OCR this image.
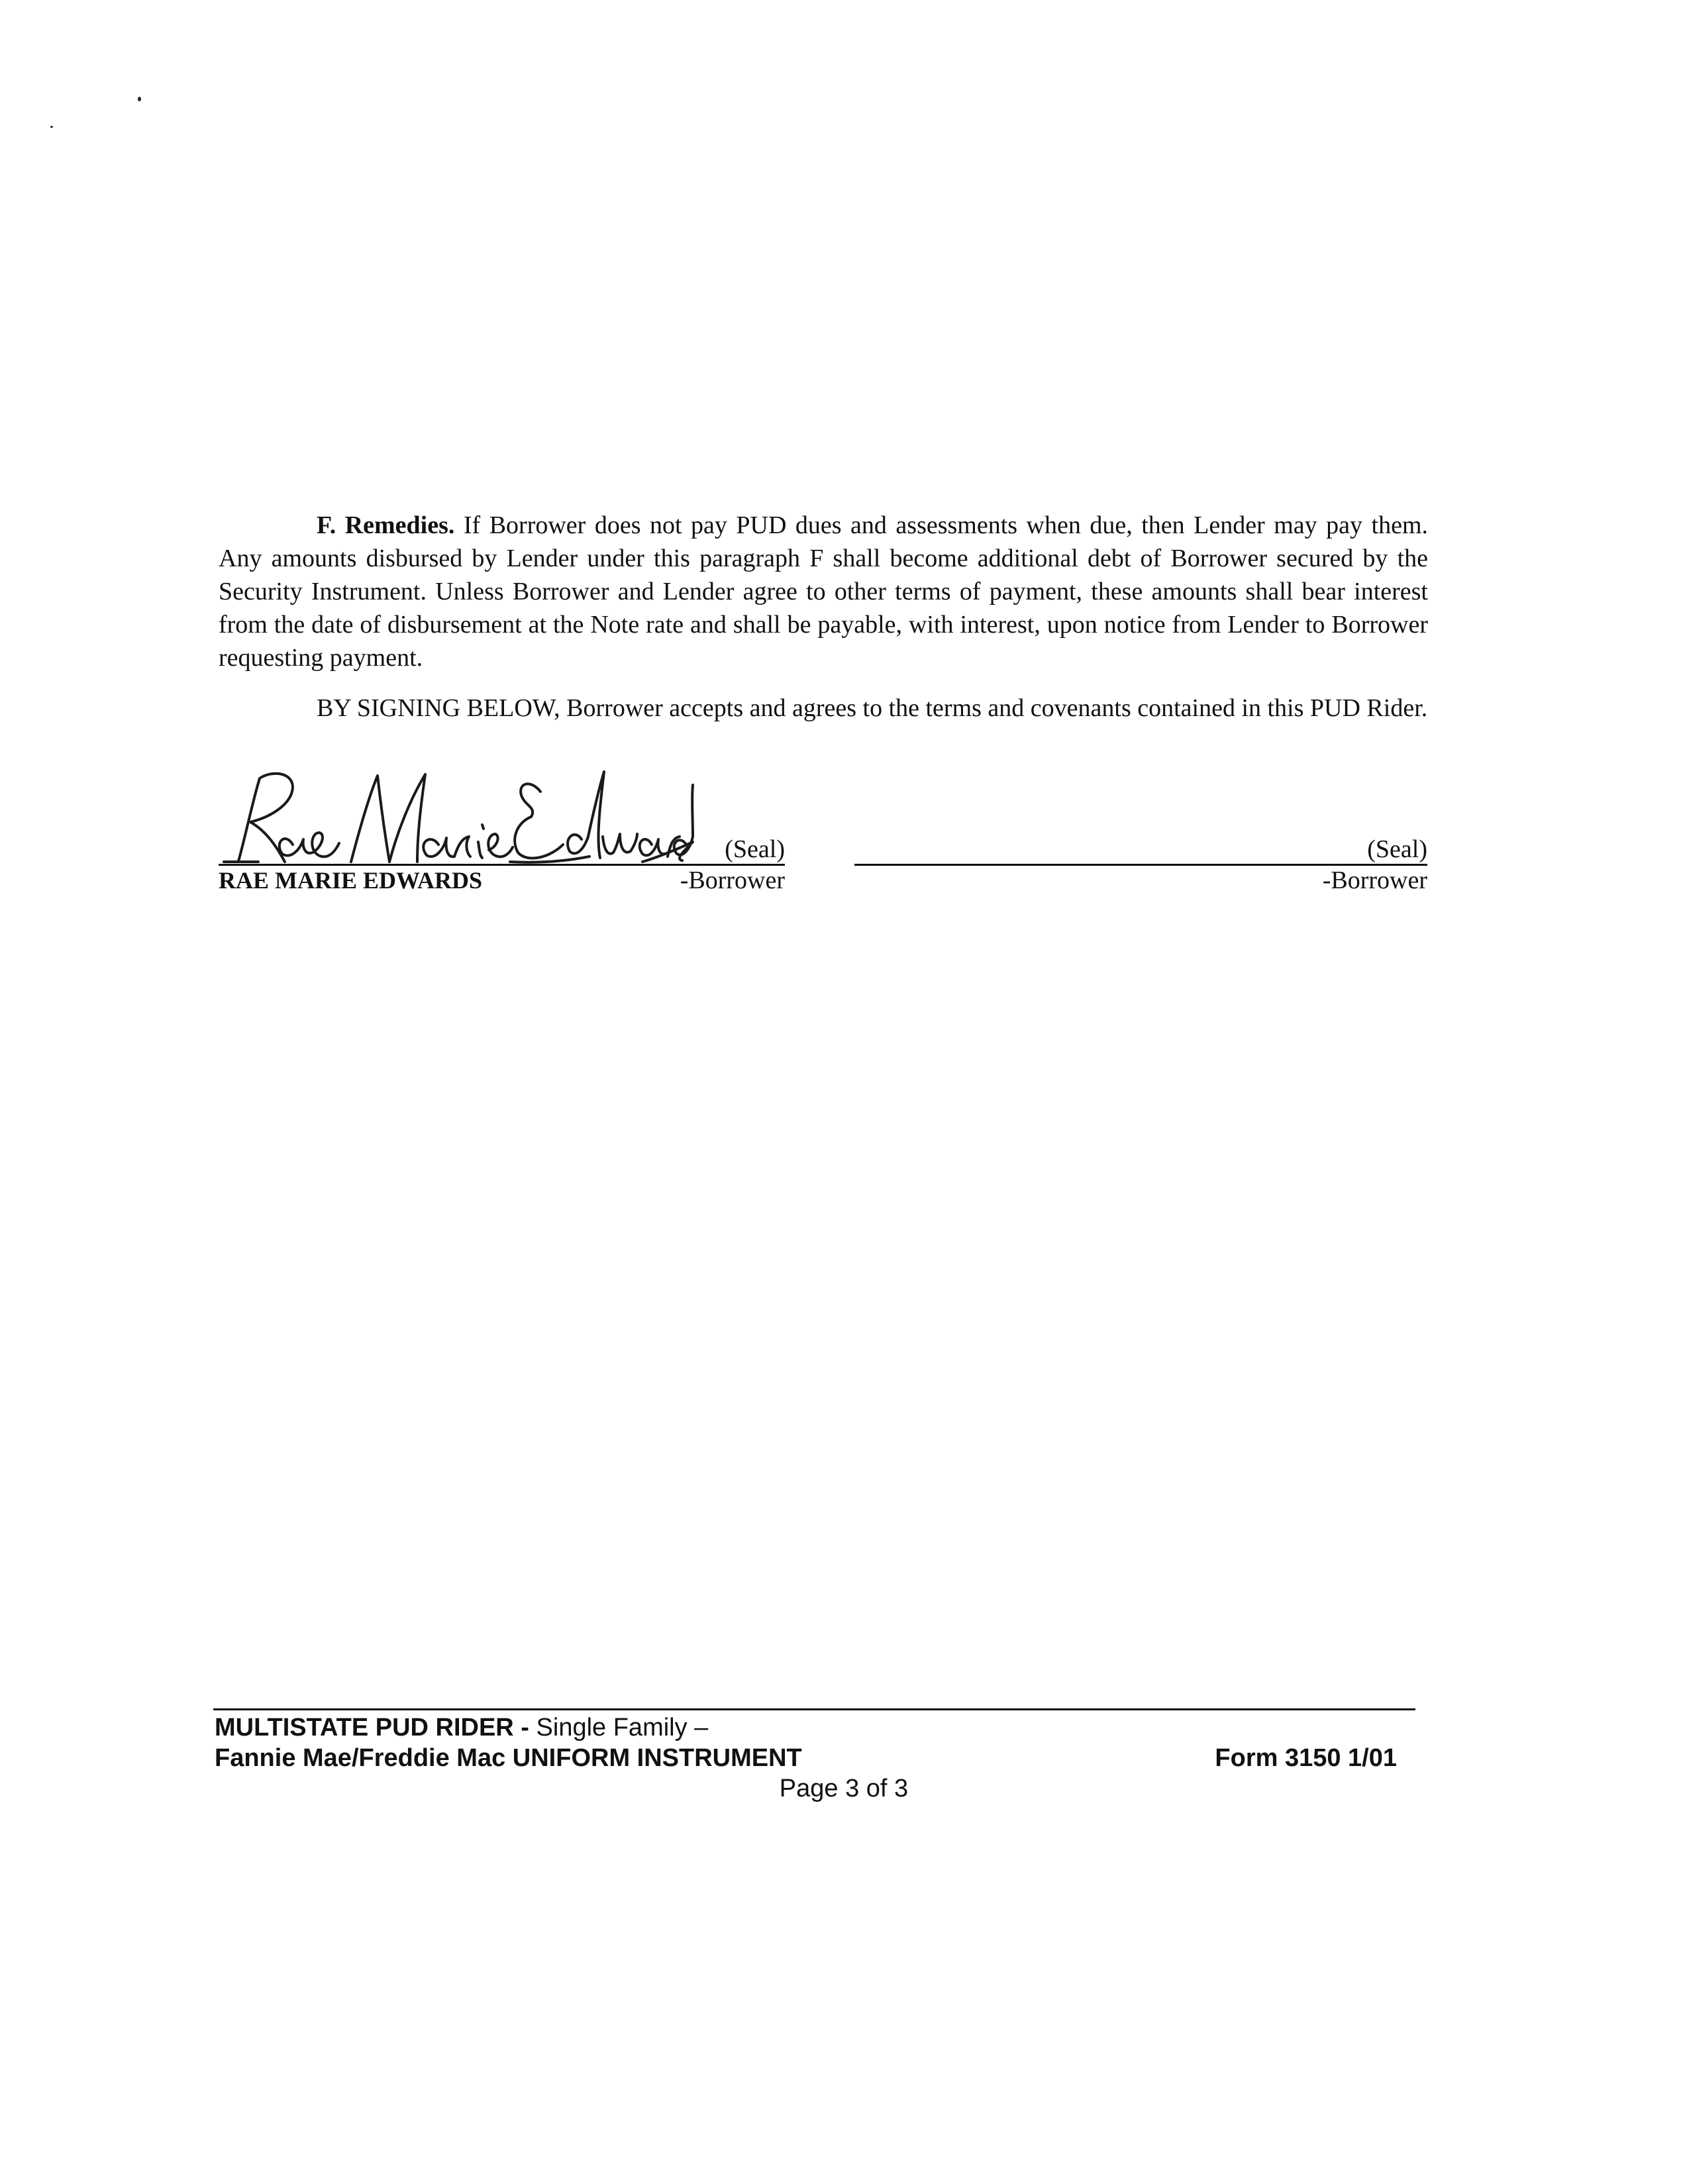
F. Remedies. If Borrower does not pay PUD dues and assessments when due, then Lender may pay them. Any amounts disbursed by Lender under this paragraph F shall become additional debt of Borrower secured by the Security Instrument. Unless Borrower and Lender agree to other terms of payment, these amounts shall bear interest from the date of disbursement at the Note rate and shall be payable, with interest, upon notice from Lender to Borrower requesting payment.

BY SIGNING BELOW, Borrower accepts and agrees to the terms and covenants contained in this PUD Rider.

(Seal)
RAE MARIE EDWARDS	-Borrower
(Seal)
-Borrower
MULTISTATE PUD RIDER - Single Family –
Fannie Mae/Freddie Mac UNIFORM INSTRUMENT	Form 3150 1/01
Page 3 of 3
